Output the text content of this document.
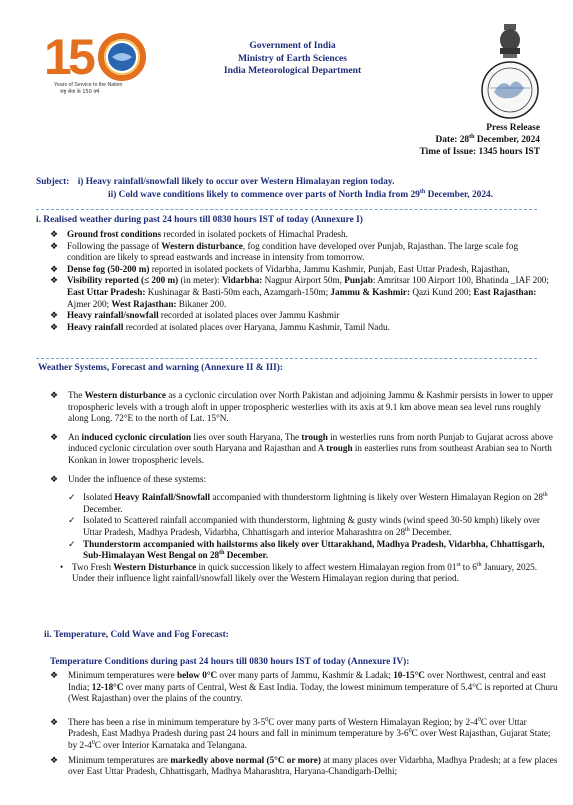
1
5
Years of Service to the Nation
राष्ट्र सेवा के 150 वर्ष
Government of India
Ministry of Earth Sciences
India Meteorological Department
Press Release
Date: 28th December, 2024
Time of Issue: 1345 hours IST
Subject: i) Heavy rainfall/snowfall likely to occur over Western Himalayan region today.
ii) Cold wave conditions likely to commence over parts of North India from 29th December, 2024.
i. Realised weather during past 24 hours till 0830 hours IST of today (Annexure I)
❖ Ground frost conditions recorded in isolated pockets of Himachal Pradesh.
❖ Following the passage of Western disturbance, fog condition have developed over Punjab, Rajasthan. The large scale fog condition are likely to spread eastwards and increase in intensity from tomorrow.
❖ Dense fog (50-200 m) reported in isolated pockets of Vidarbha, Jammu Kashmir, Punjab, East Uttar Pradesh, Rajasthan,
❖ Visibility reported (≤ 200 m) (in meter): Vidarbha: Nagpur Airport 50m, Punjab: Amritsar 100 Airport 100, Bhatinda _IAF 200; East Uttar Pradesh: Kushinagar & Basti-50m each, Azamgarh-150m; Jammu & Kashmir: Qazi Kund 200; East Rajasthan: Ajmer 200; West Rajasthan: Bikaner 200.
❖ Heavy rainfall/snowfall recorded at isolated places over Jammu Kashmir
❖ Heavy rainfall recorded at isolated places over Haryana, Jammu Kashmir, Tamil Nadu.
Weather Systems, Forecast and warning (Annexure II & III):
❖ The Western disturbance as a cyclonic circulation over North Pakistan and adjoining Jammu & Kashmir persists in lower to upper tropospheric levels with a trough aloft in upper tropospheric westerlies with its axis at 9.1 km above mean sea level runs roughly along Long. 72°E to the north of Lat. 15°N.
❖ An induced cyclonic circulation lies over south Haryana, The trough in westerlies runs from north Punjab to Gujarat across above induced cyclonic circulation over south Haryana and Rajasthan and A trough in easterlies runs from southeast Arabian sea to North Konkan in lower tropospheric levels.
❖ Under the influence of these systems:
✓ Isolated Heavy Rainfall/Snowfall accompanied with thunderstorm lightning is likely over Western Himalayan Region on 28th December.
✓ Isolated to Scattered rainfall accompanied with thunderstorm, lightning & gusty winds (wind speed 30-50 kmph) likely over Uttar Pradesh, Madhya Pradesh, Vidarbha, Chhattisgarh and interior Maharashtra on 28th December.
✓ Thunderstorm accompanied with hailstorms also likely over Uttarakhand, Madhya Pradesh, Vidarbha, Chhattisgarh, Sub-Himalayan West Bengal on 28th December.
• Two Fresh Western Disturbance in quick succession likely to affect western Himalayan region from 01st to 6th January, 2025. Under their influence light rainfall/snowfall likely over the Western Himalayan region during that period.
ii. Temperature, Cold Wave and Fog Forecast:
Temperature Conditions during past 24 hours till 0830 hours IST of today (Annexure IV):
❖ Minimum temperatures were below 0°C over many parts of Jammu, Kashmir & Ladak; 10-15°C over Northwest, central and east India; 12-18°C over many parts of Central, West & East India. Today, the lowest minimum temperature of 5.4°C is reported at Churu (West Rajasthan) over the plains of the country.
❖ There has been a rise in minimum temperature by $3-5^0C$ over many parts of Western Himalayan Region; by $2-4^0C$ over Uttar Pradesh, East Madhya Pradesh during past 24 hours and fall in minimum temperature by $3-6^0C$ over West Rajasthan, Gujarat State; by $2-4^0C$ over Interior Karnataka and Telangana.
❖ Minimum temperatures are markedly above normal (5°C or more) at many places over Vidarbha, Madhya Pradesh; at a few places over East Uttar Pradesh, Chhattisgarh, Madhya Maharashtra, Haryana-Chandigarh-Delhi;
